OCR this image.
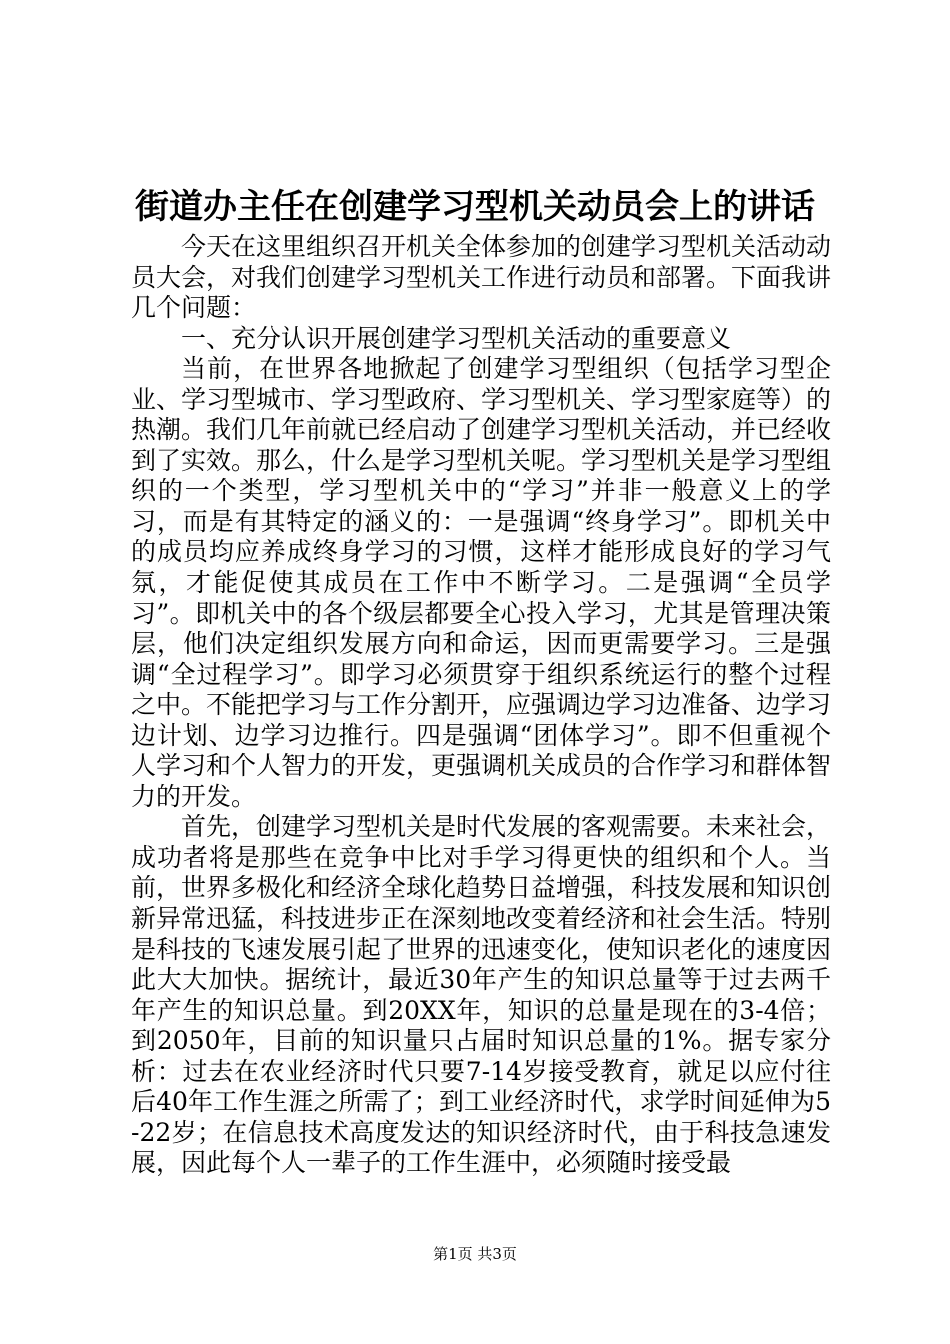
街道办主任在创建学习型机关动员会上的讲话

今天在这里组织召开机关全体参加的创建学习型机关活动动员大会，对我们创建学习型机关工作进行动员和部署。下面我讲几个问题：

一、充分认识开展创建学习型机关活动的重要意义

当前，在世界各地掀起了创建学习型组织（包括学习型企业、学习型城市、学习型政府、学习型机关、学习型家庭等）的热潮。我们几年前就已经启动了创建学习型机关活动，并已经收到了实效。那么，什么是学习型机关呢。学习型机关是学习型组织的一个类型，学习型机关中的“学习”并非一般意义上的学习，而是有其特定的涵义的：一是强调“终身学习”。即机关中的成员均应养成终身学习的习惯，这样才能形成良好的学习气氛，才能促使其成员在工作中不断学习。二是强调“全员学习”。即机关中的各个级层都要全心投入学习，尤其是管理决策层，他们决定组织发展方向和命运，因而更需要学习。三是强调“全过程学习”。即学习必须贯穿于组织系统运行的整个过程之中。不能把学习与工作分割开，应强调边学习边准备、边学习边计划、边学习边推行。四是强调“团体学习”。即不但重视个人学习和个人智力的开发，更强调机关成员的合作学习和群体智力的开发。

首先，创建学习型机关是时代发展的客观需要。未来社会，成功者将是那些在竞争中比对手学习得更快的组织和个人。当前，世界多极化和经济全球化趋势日益增强，科技发展和知识创新异常迅猛，科技进步正在深刻地改变着经济和社会生活。特别是科技的飞速发展引起了世界的迅速变化，使知识老化的速度因此大大加快。据统计，最近30年产生的知识总量等于过去两千年产生的知识总量。到20XX年，知识的总量是现在的3-4倍；到2050年，目前的知识量只占届时知识总量的1%。据专家分析：过去在农业经济时代只要7-14岁接受教育，就足以应付往后40年工作生涯之所需了；到工业经济时代，求学时间延伸为5-22岁；在信息技术高度发达的知识经济时代，由于科技急速发展，因此每个人一辈子的工作生涯中，必须随时接受最

第1页 共3页
